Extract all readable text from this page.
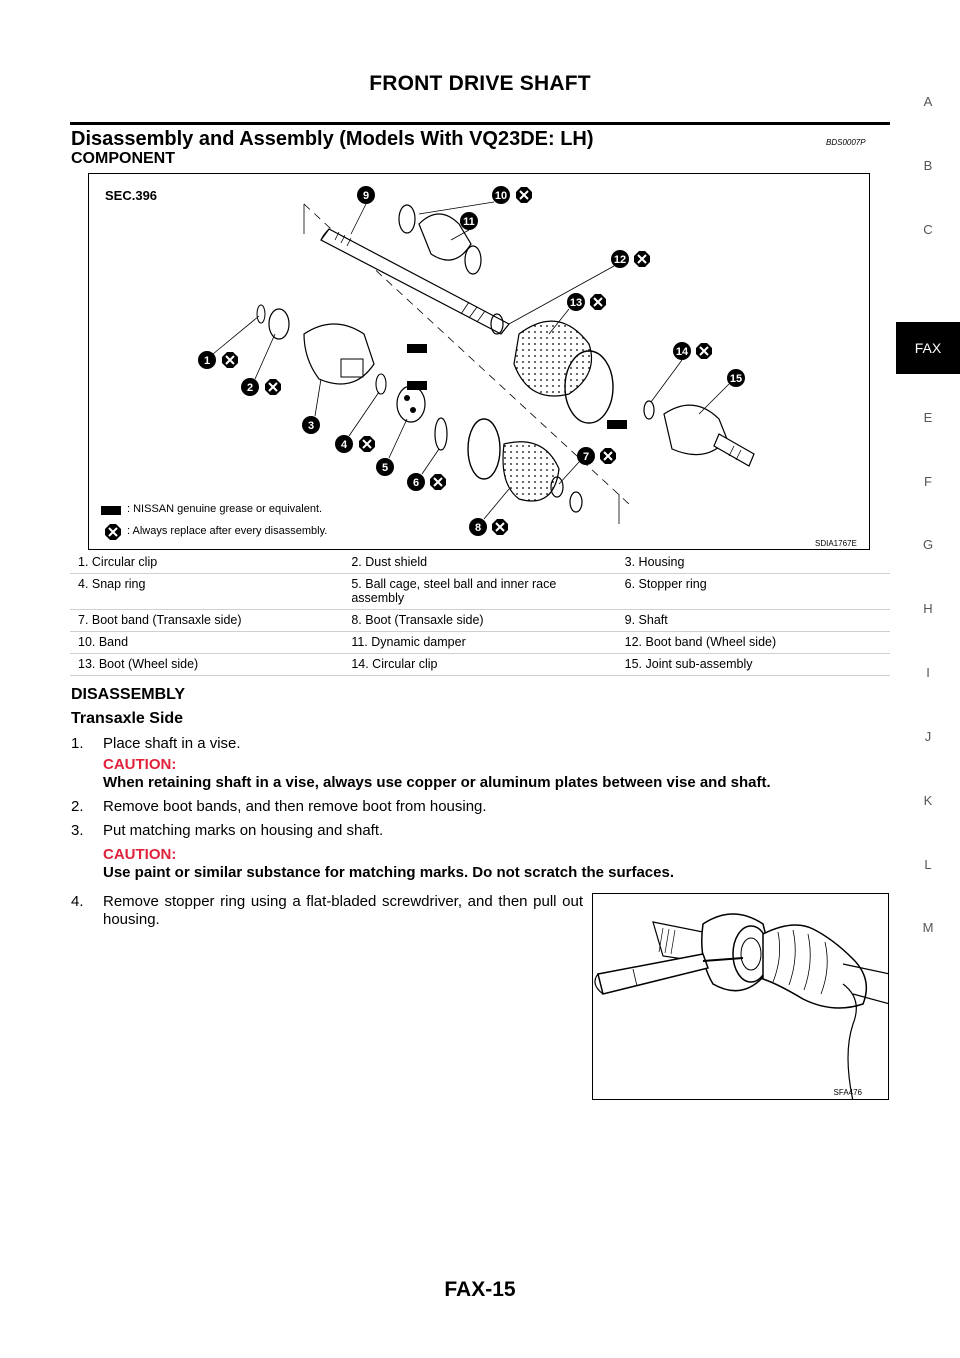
FRONT DRIVE SHAFT
Disassembly and Assembly (Models With VQ23DE: LH)	BDS0007P
COMPONENT
9	10
11
12
13
14
15
1
2
3
4
5
6
7
8
SEC.396
: NISSAN genuine grease or equivalent.
: Always replace after every disassembly.
SDIA1767E
1. Circular clip	2. Dust shield	3. Housing
4. Snap ring	5. Ball cage, steel ball and inner race assembly	6. Stopper ring
7. Boot band (Transaxle side)	8. Boot (Transaxle side)	9. Shaft
10. Band	11. Dynamic damper	12. Boot band (Wheel side)
13. Boot (Wheel side)	14. Circular clip	15. Joint sub-assembly
DISASSEMBLY
Transaxle Side
1. Place shaft in a vise.
CAUTION:
When retaining shaft in a vise, always use copper or aluminum plates between vise and shaft.
2. Remove boot bands, and then remove boot from housing.
3. Put matching marks on housing and shaft.
CAUTION:
Use paint or similar substance for matching marks. Do not scratch the surfaces.
4. Remove stopper ring using a flat-bladed screwdriver, and then pull out housing.
SFA476
FAX-15
A
B
C
FAX
E
F
G
H
I
J
K
L
M
